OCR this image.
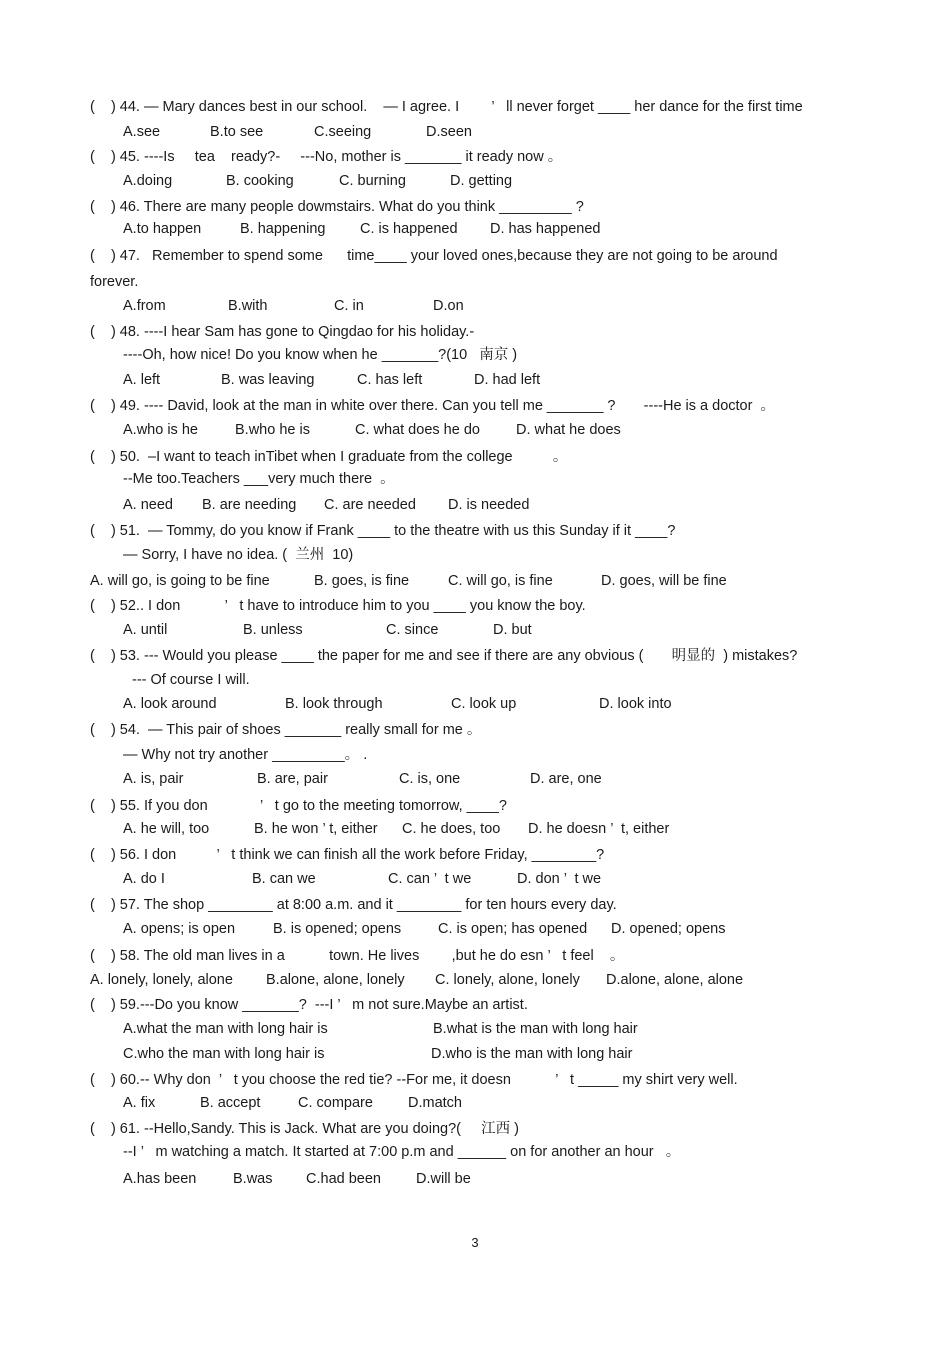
(    ) 44. — Mary dances best in our school.    — I agree. I        ’   ll never forget ____ her dance for the first time
A.see	B.to see	C.seeing	D.seen
(    ) 45. ----Is     tea    ready?-     ---No, mother is _______ it ready now 。
A.doing	B. cooking	C. burning	D. getting
(    ) 46. There are many people dowmstairs. What do you think _________ ?
A.to happen	B. happening C. is happened D. has happened
(    ) 47.   Remember to spend some      time____ your loved ones,because they are not going to be around
forever.
A.from	B.with	C. in	D.on
(    ) 48. ----I hear Sam has gone to Qingdao for his holiday.-
----Oh, how nice! Do you know when he _______?(10   南京 )
A. left	B. was leaving	C. has left	D. had left
(    ) 49. ---- David, look at the man in white over there. Can you tell me _______ ?       ----He is a doctor  。
A.who is he	B.who he is	C. what does he do D. what he does
(    ) 50.  –I want to teach inTibet when I graduate from the college          。
--Me too.Teachers ___very much there  。
A. need B. are needing C. are needed D. is needed
(    ) 51.  — Tommy, do you know if Frank ____ to the theatre with us this Sunday if it ____?
— Sorry, I have no idea. (  兰州  10)
A. will go, is going to be fine	B. goes, is fine	C. will go, is fine	D. goes, will be fine
(    ) 52.. I don           ’   t have to introduce him to you ____ you know the boy.
A. until	B. unless	C. since	D. but
(    ) 53. --- Would you please ____ the paper for me and see if there are any obvious (       明显的  ) mistakes?
--- Of course I will.
A. look around	B. look through	C. look up	D. look into
(    ) 54.  — This pair of shoes _______ really small for me 。
— Why not try another _________。 .
A. is, pair	B. are, pair	C. is, one	D. are, one
(    ) 55. If you don             ’   t go to the meeting tomorrow, ____?
A. he will, too	B. he won ’ t, either C. he does, too D. he doesn ’  t, either
(    ) 56. I don          ’   t think we can finish all the work before Friday, ________?
A. do I	B. can we	C. can ’  t we	D. don ’  t we
(    ) 57. The shop ________ at 8:00 a.m. and it ________ for ten hours every day.
A. opens; is open	B. is opened; opens	C. is open; has opened D. opened; opens
(    ) 58. The old man lives in a           town. He lives        ,but he do esn ’   t feel    。
A. lonely, lonely, alone B.alone, alone, lonely C. lonely, alone, lonely D.alone, alone, alone
(    ) 59.---Do you know _______?  ---I ’   m not sure.Maybe an artist.
A.what the man with long hair is	B.what is the man with long hair
C.who the man with long hair is	D.who is the man with long hair
(    ) 60.-- Why don  ’   t you choose the red tie? --For me, it doesn           ’   t _____ my shirt very well.
A. fix	B. accept	C. compare D.match
(    ) 61. --Hello,Sandy. This is Jack. What are you doing?(     江西 )
--I ’   m watching a match. It started at 7:00 p.m and ______ on for another an hour   。
A.has been	B.was C.had been D.will be
3
